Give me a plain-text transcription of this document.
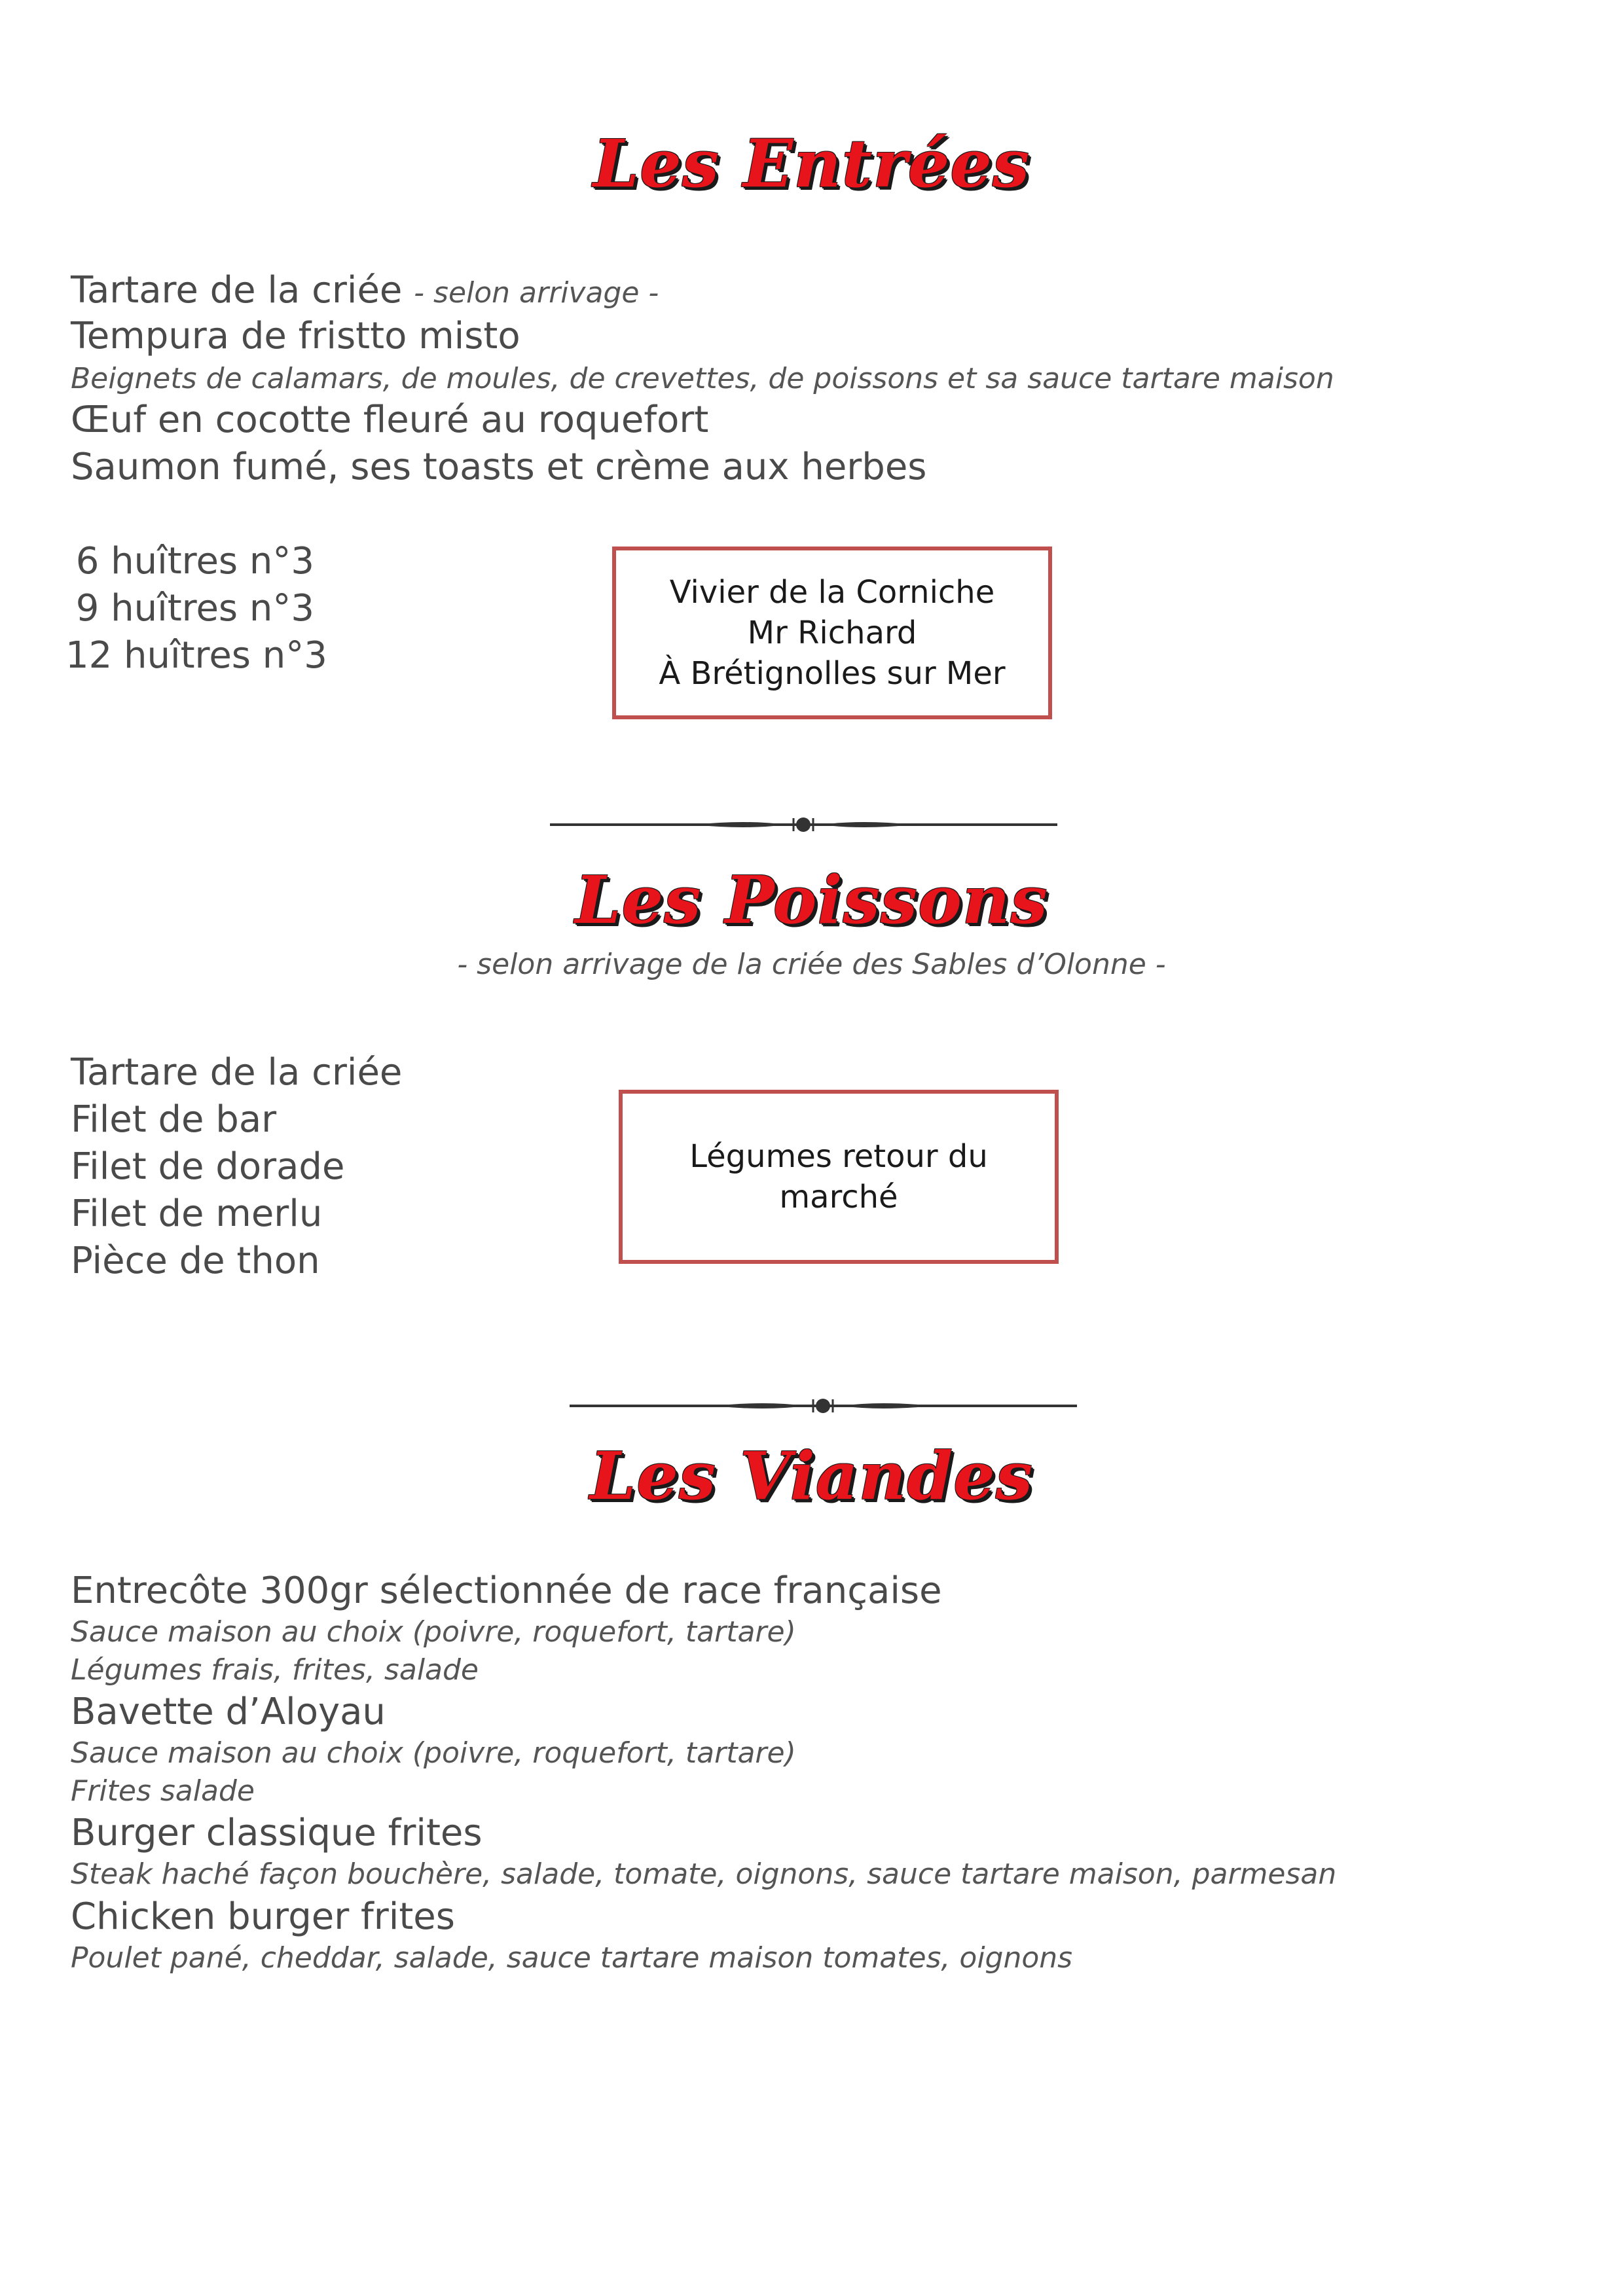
Les Entrées
Tartare de la criée - selon arrivage -
Tempura de fristto misto
Beignets de calamars, de moules, de crevettes, de poissons et sa sauce tartare maison
Œuf en cocotte fleuré au roquefort
Saumon fumé, ses toasts et crème aux herbes
6 huîtres n°3
9 huîtres n°3
12 huîtres n°3
Vivier de la Corniche
Mr Richard
À Brétignolles sur Mer
Les Poissons
- selon arrivage de la criée des Sables d’Olonne -
Tartare de la criée
Filet de bar
Filet de dorade
Filet de merlu
Pièce de thon
Légumes retour du
marché
Les Viandes
Entrecôte 300gr sélectionnée de race française
Sauce maison au choix (poivre, roquefort, tartare)
Légumes frais, frites, salade
Bavette d’Aloyau
Sauce maison au choix (poivre, roquefort, tartare)
Frites salade
Burger classique frites
Steak haché façon bouchère, salade, tomate, oignons, sauce tartare maison, parmesan
Chicken burger frites
Poulet pané, cheddar, salade, sauce tartare maison tomates, oignons
